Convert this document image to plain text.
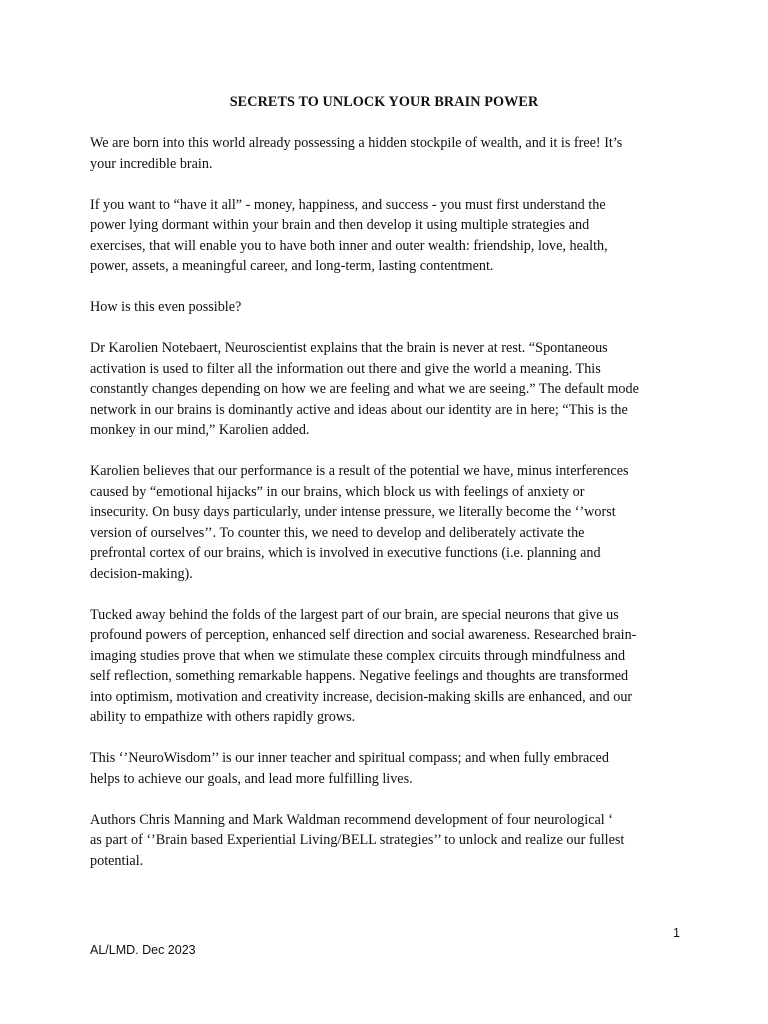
SECRETS TO UNLOCK YOUR BRAIN POWER

We are born into this world already possessing a hidden stockpile of wealth, and it is free! It’s
your incredible brain.

If you want to “have it all” - money, happiness, and success - you must first understand the
power lying dormant within your brain and then develop it using multiple strategies and
exercises, that will enable you to have both inner and outer wealth: friendship, love, health,
power, assets, a meaningful career, and long-term, lasting contentment.

How is this even possible?

Dr Karolien Notebaert, Neuroscientist explains that the brain is never at rest. “Spontaneous
activation is used to filter all the information out there and give the world a meaning. This
constantly changes depending on how we are feeling and what we are seeing.” The default mode
network in our brains is dominantly active and ideas about our identity are in here; “This is the
monkey in our mind,” Karolien added.

Karolien believes that our performance is a result of the potential we have, minus interferences
caused by “emotional hijacks” in our brains, which block us with feelings of anxiety or
insecurity. On busy days particularly, under intense pressure, we literally become the ‘’worst
version of ourselves’’. To counter this, we need to develop and deliberately activate the
prefrontal cortex of our brains, which is involved in executive functions (i.e. planning and
decision-making).

Tucked away behind the folds of the largest part of our brain, are special neurons that give us
profound powers of perception, enhanced self direction and social awareness. Researched brain-
imaging studies prove that when we stimulate these complex circuits through mindfulness and
self reflection, something remarkable happens. Negative feelings and thoughts are transformed
into optimism, motivation and creativity increase, decision-making skills are enhanced, and our
ability to empathize with others rapidly grows.

This ‘’NeuroWisdom’’ is our inner teacher and spiritual compass; and when fully embraced
helps to achieve our goals, and lead more fulfilling lives.

Authors Chris Manning and Mark Waldman recommend development of four neurological ‘
as part of ‘’Brain based Experiential Living/BELL strategies’’ to unlock and realize our fullest
potential.

1
AL/LMD. Dec 2023
